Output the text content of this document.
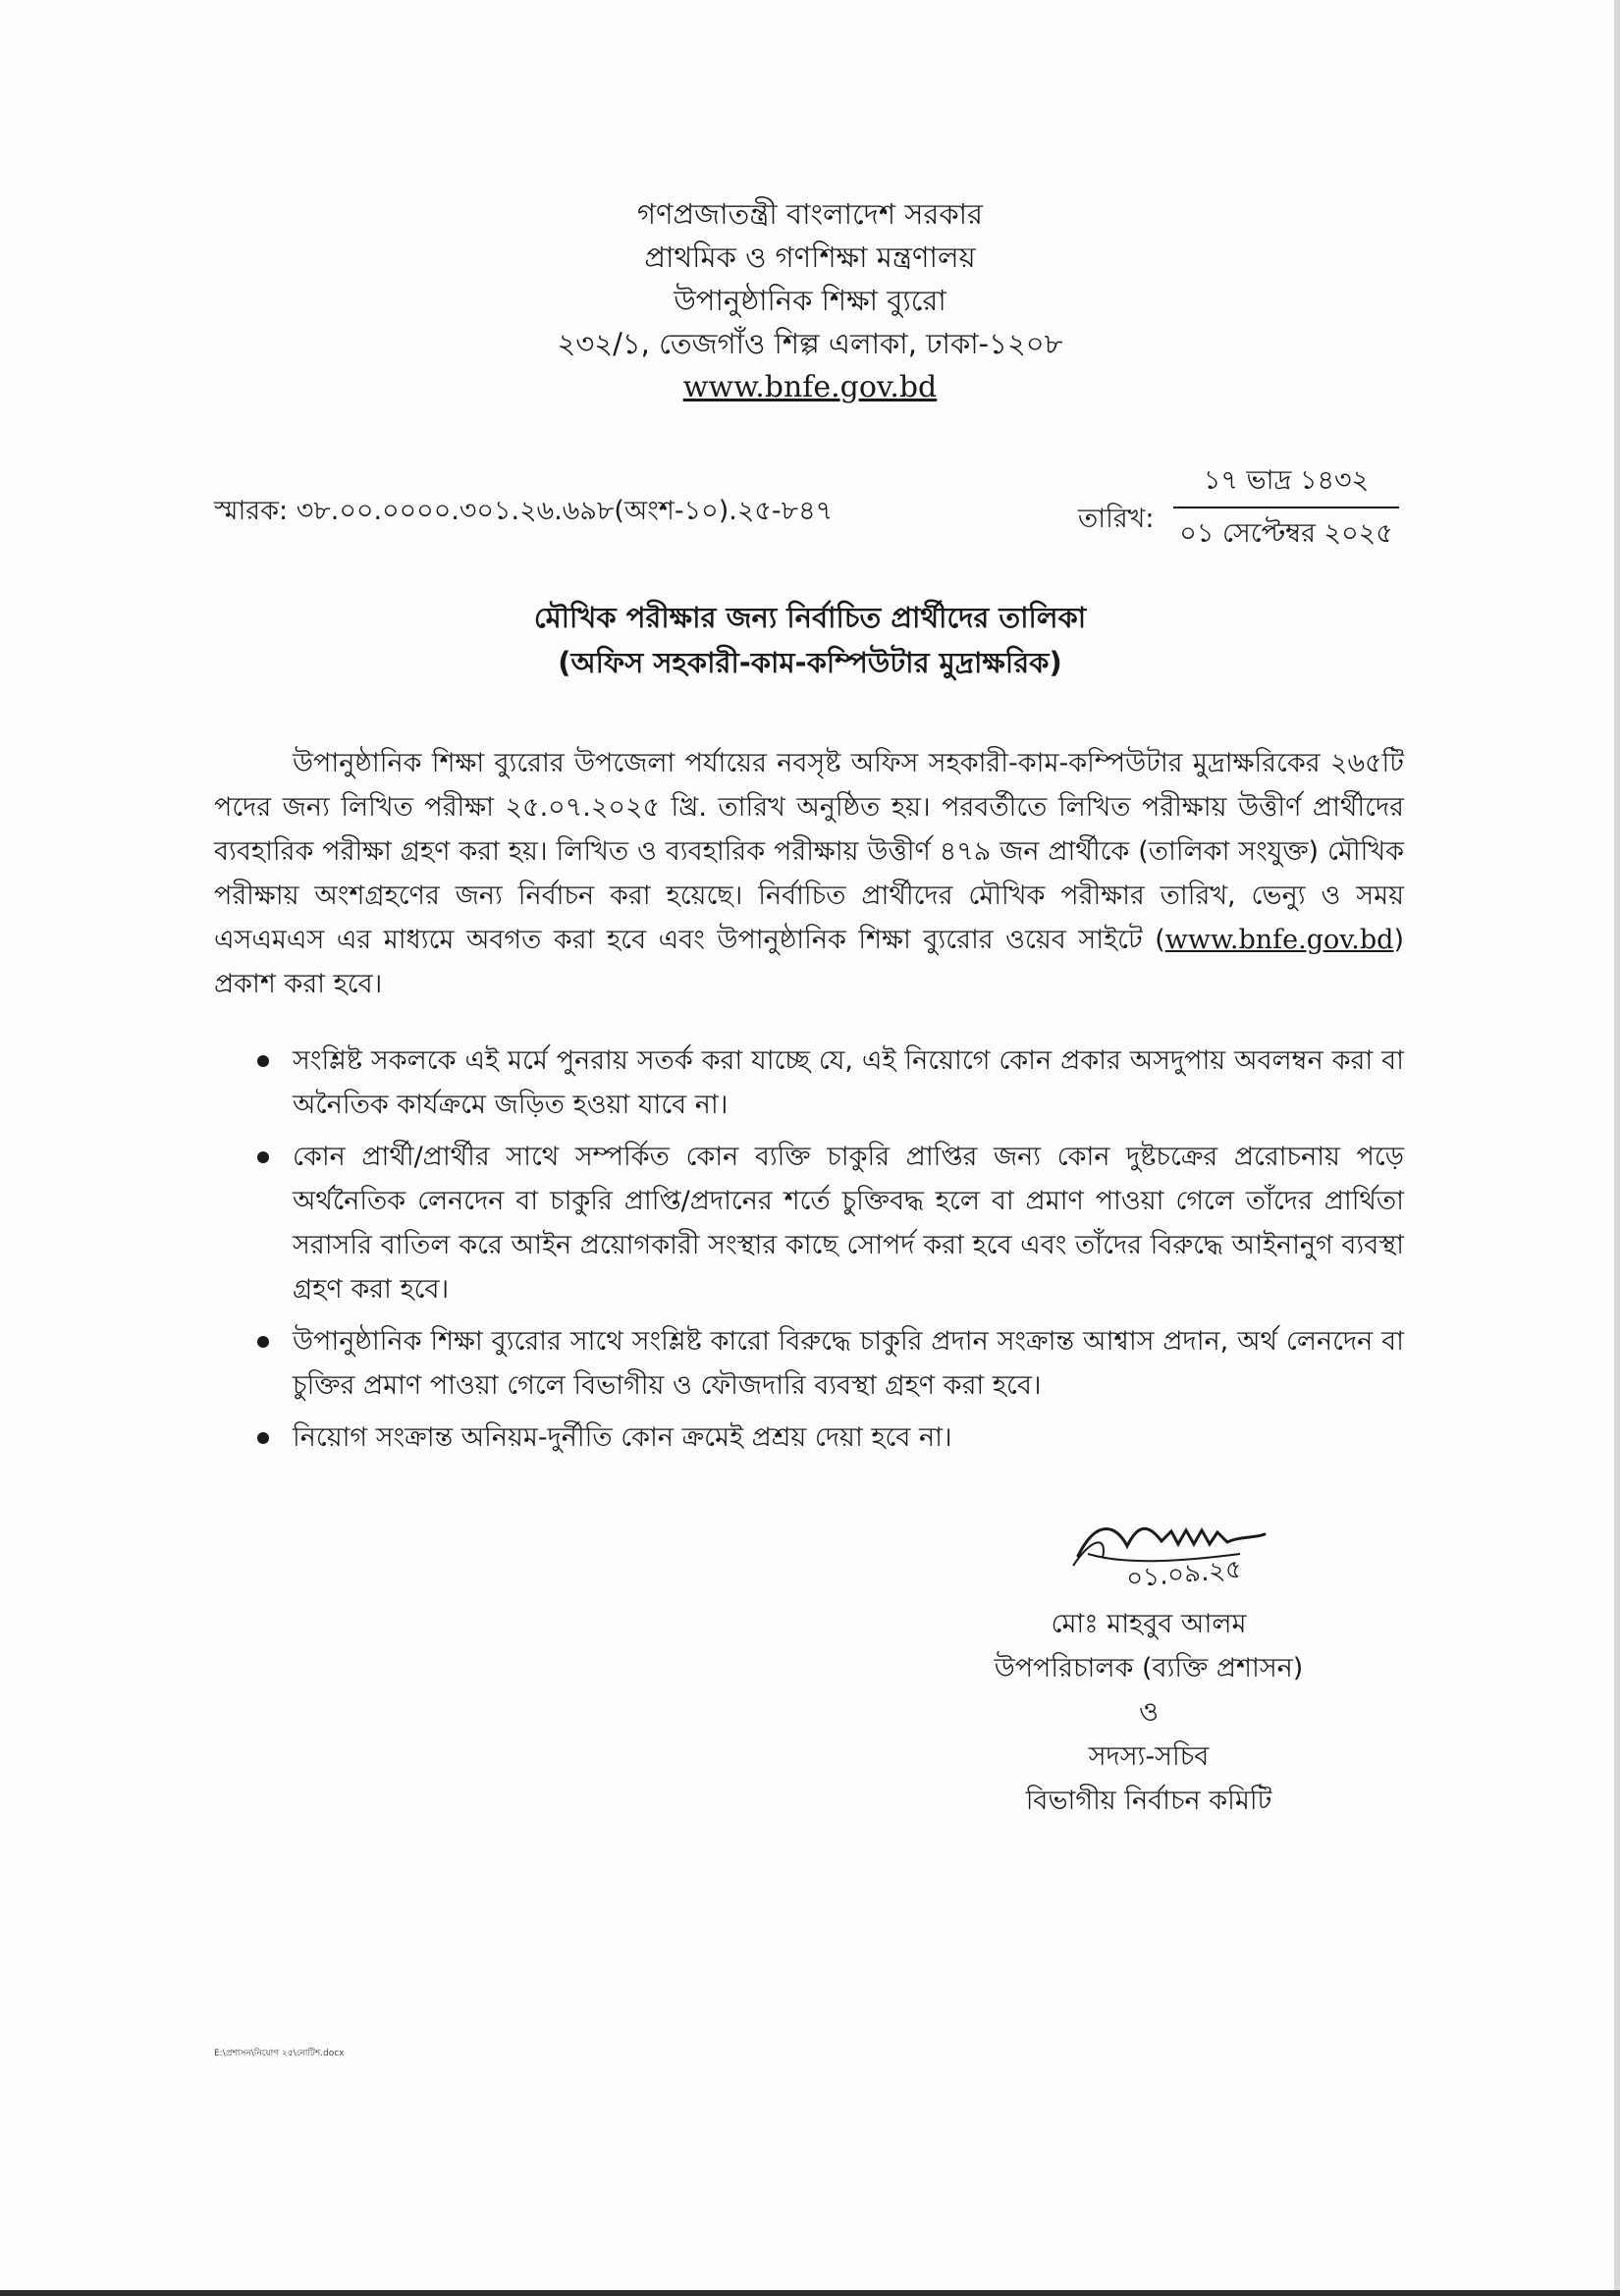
গণপ্রজাতন্ত্রী বাংলাদেশ সরকার
প্রাথমিক ও গণশিক্ষা মন্ত্রণালয়
উপানুষ্ঠানিক শিক্ষা ব্যুরো
২৩২/১, তেজগাঁও শিল্প এলাকা, ঢাকা-১২০৮
www.bnfe.gov.bd
স্মারক: ৩৮.০০.০০০০.৩০১.২৬.৬৯৮(অংশ-১০).২৫-৮৪৭	তারিখ:
১৭ ভাদ্র ১৪৩২
০১ সেপ্টেম্বর ২০২৫
মৌখিক পরীক্ষার জন্য নির্বাচিত প্রার্থীদের তালিকা
(অফিস সহকারী-কাম-কম্পিউটার মুদ্রাক্ষরিক)

উপানুষ্ঠানিক শিক্ষা ব্যুরোর উপজেলা পর্যায়ের নবসৃষ্ট অফিস সহকারী-কাম-কম্পিউটার মুদ্রাক্ষরিকের ২৬৫টি পদের জন্য লিখিত পরীক্ষা ২৫.০৭.২০২৫ খ্রি. তারিখ অনুষ্ঠিত হয়। পরবর্তীতে লিখিত পরীক্ষায় উত্তীর্ণ প্রার্থীদের ব্যবহারিক পরীক্ষা গ্রহণ করা হয়। লিখিত ও ব্যবহারিক পরীক্ষায় উত্তীর্ণ ৪৭৯ জন প্রার্থীকে (তালিকা সংযুক্ত) মৌখিক পরীক্ষায় অংশগ্রহণের জন্য নির্বাচন করা হয়েছে। নির্বাচিত প্রার্থীদের মৌখিক পরীক্ষার তারিখ, ভেন্যু ও সময় এসএমএস এর মাধ্যমে অবগত করা হবে এবং উপানুষ্ঠানিক শিক্ষা ব্যুরোর ওয়েব সাইটে (www.bnfe.gov.bd) প্রকাশ করা হবে।

সংশ্লিষ্ট সকলকে এই মর্মে পুনরায় সতর্ক করা যাচ্ছে যে, এই নিয়োগে কোন প্রকার অসদুপায় অবলম্বন করা বা অনৈতিক কার্যক্রমে জড়িত হওয়া যাবে না।
কোন প্রার্থী/প্রার্থীর সাথে সম্পর্কিত কোন ব্যক্তি চাকুরি প্রাপ্তির জন্য কোন দুষ্টচক্রের প্ররোচনায় পড়ে অর্থনৈতিক লেনদেন বা চাকুরি প্রাপ্তি/প্রদানের শর্তে চুক্তিবদ্ধ হলে বা প্রমাণ পাওয়া গেলে তাঁদের প্রার্থিতা সরাসরি বাতিল করে আইন প্রয়োগকারী সংস্থার কাছে সোপর্দ করা হবে এবং তাঁদের বিরুদ্ধে আইনানুগ ব্যবস্থা গ্রহণ করা হবে।
উপানুষ্ঠানিক শিক্ষা ব্যুরোর সাথে সংশ্লিষ্ট কারো বিরুদ্ধে চাকুরি প্রদান সংক্রান্ত আশ্বাস প্রদান, অর্থ লেনদেন বা চুক্তির প্রমাণ পাওয়া গেলে বিভাগীয় ও ফৌজদারি ব্যবস্থা গ্রহণ করা হবে।
নিয়োগ সংক্রান্ত অনিয়ম-দুর্নীতি কোন ক্রমেই প্রশ্রয় দেয়া হবে না।
০১.০৯.২৫
মোঃ মাহবুব আলম
উপপরিচালক (ব্যক্তি প্রশাসন)
ও
সদস্য-সচিব
বিভাগীয় নির্বাচন কমিটি
E:\প্রশাসন\নিয়োগ ২৫\নোটিশ.docx
